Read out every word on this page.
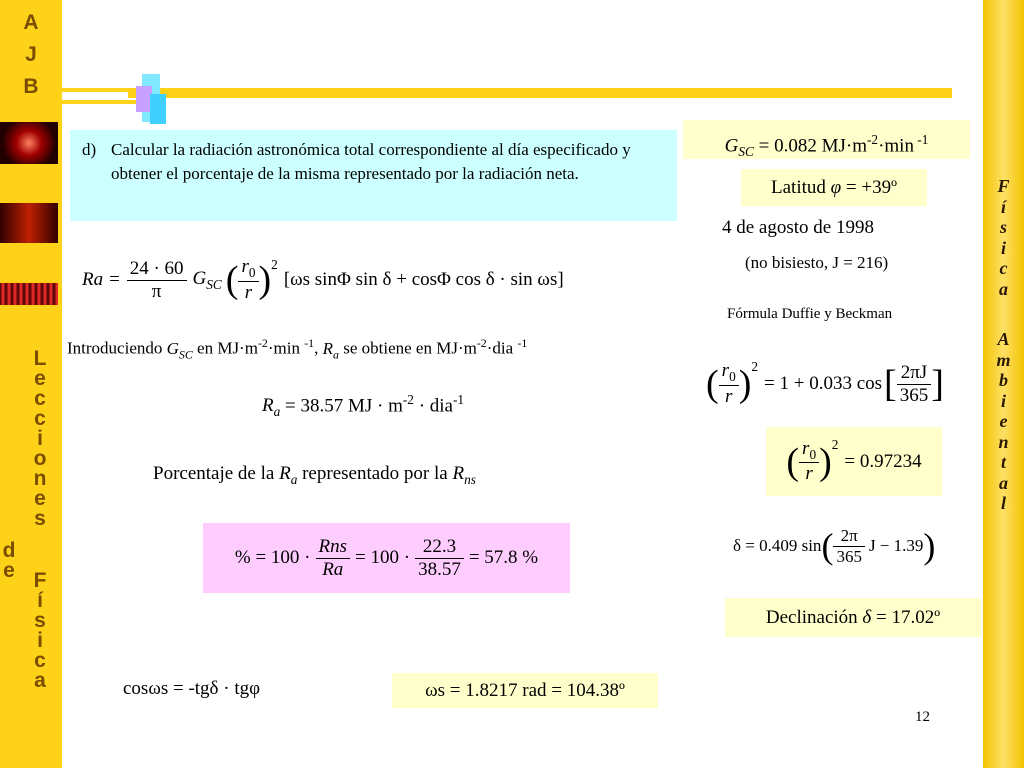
A
J
B
L
e
c
c
i
o
n
e
s
d
e F
í
s
i
c
a
F
í
s
i
c
a
A
m
b
i
e
n
t
a
l
d) Calcular la radiación astronómica total correspondiente al día especificado y obtener el porcentaje de la misma representado por la radiación neta.
$G_{SC} = 0.082$ $MJ\cdot m^{-2}\cdot\min$ $^{-1}$
Latitud φ = +39º
4 de agosto de 1998
(no bisiesto, J = 216)
Fórmula Duffie y Beckman
$Ra = \frac{24 \cdot 60}{\pi} G_{SC}$ ( $\frac{r_0}{r} )^2$
[ωs sinΦ sin δ + cosΦ cos δ · sin ωs]
Introduciendo $G_{SC}$ en $MJ\cdot m^{-2}\cdot\min$ $^{-1}$, $R_a$ se obtiene en $MJ\cdot m^{-2}\cdot dia$ $^{-1}$
$R_a = 38.57$ MJ · $m^{-2} \cdot dia^{-1}$
Porcentaje de la $R_a$ representado por la $R_{ns}$
% = $100 \cdot \frac{\text{Rns}}{Ra} = 100 \cdot \frac{22.3}{38.57} = 57.8$ %
( $\frac{r_0}{r} )^2$
= 1 + 0.033 cos [ $\frac{2\pi J}{365}$ ]
( $\frac{r_0}{r} )^2$
= 0.97234
δ = 0.409 sin ( $\frac{2\pi}{365}$ J − 1.39 )
Declinación δ = 17.02º
cosωs = -tgδ · tgφ	ωs = 1.8217 rad = 104.38º
12
